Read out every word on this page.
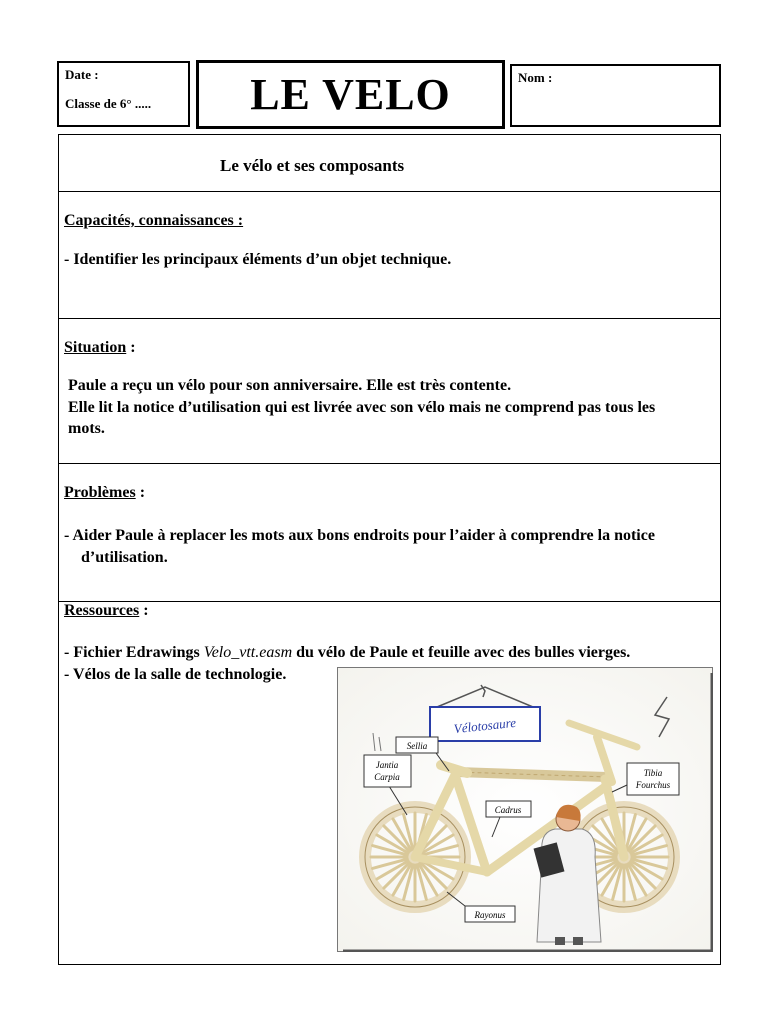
Date :
Classe de 6° .....	LE VELO	Nom :
Le vélo et ses composants
Capacités, connaissances :
- Identifier les principaux éléments d’un objet technique.
Situation :
Paule a reçu un vélo pour son anniversaire. Elle est très contente.
Elle lit la notice d’utilisation qui est livrée avec son vélo mais ne comprend pas tous les
mots.
Problèmes :
- Aider Paule à replacer les mots aux bons endroits pour l’aider à comprendre la notice
d’utilisation.
Ressources :
- Fichier Edrawings Velo_vtt.easm du vélo de Paule et feuille avec des bulles vierges.
- Vélos de la salle de technologie.
Vélotosaure
Sellia
Jantia
Carpia
Cadrus
Tibia
Fourchus
Rayonus
